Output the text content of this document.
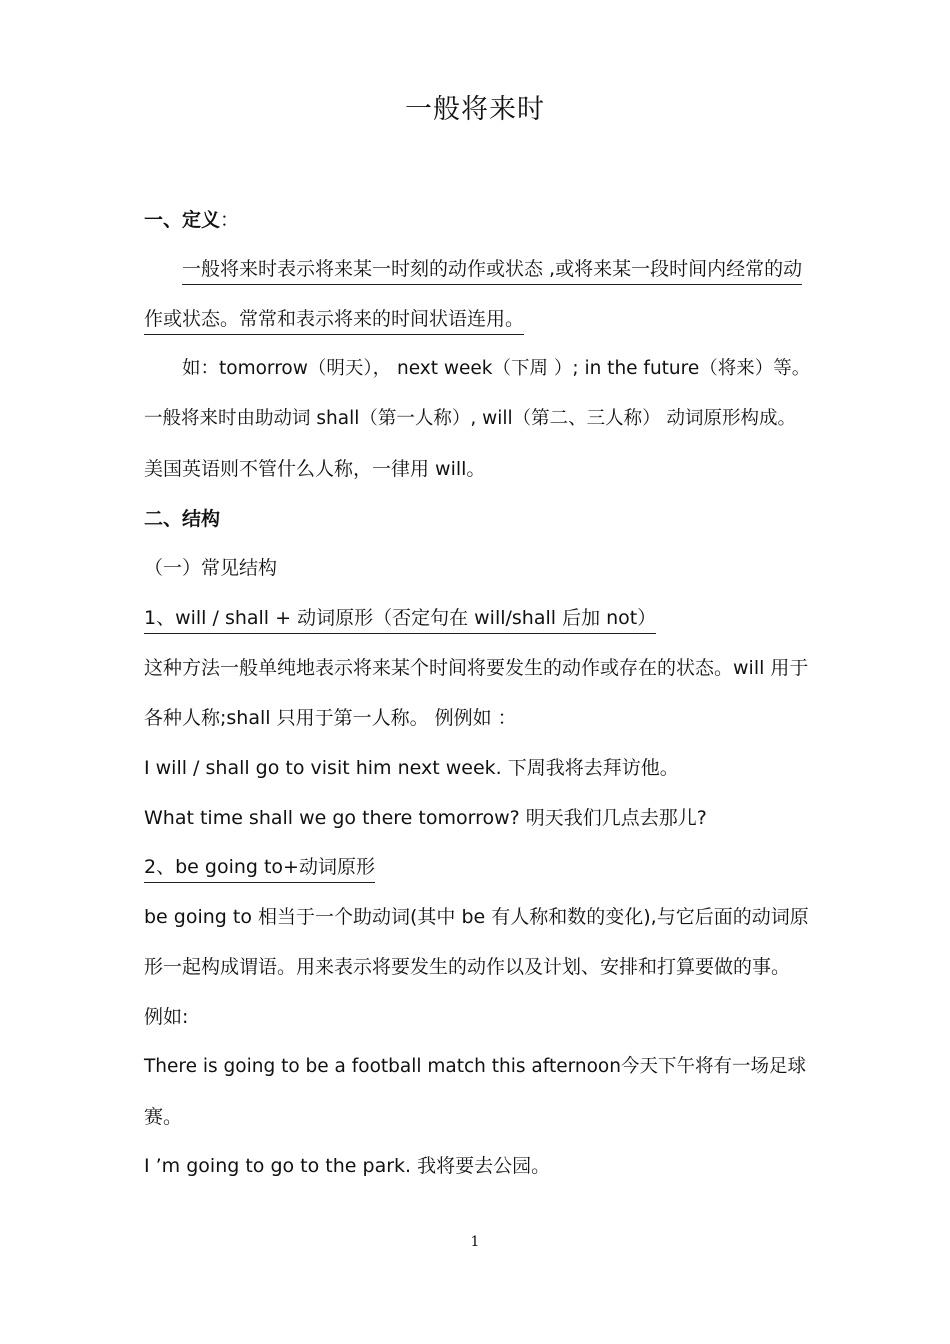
一般将来时
一、定义：
一般将来时表示将来某一时刻的动作或状态 ,或将来某一段时间内经常的动
作或状态。常常和表示将来的时间状语连用。
如：tomorrow（明天）， next week（下周 ）; in the future（将来）等。
一般将来时由助动词 shall（第一人称）, will（第二、三人称） 动词原形构成。
美国英语则不管什么人称，一律用 will。
二、结构
（一）常见结构
1、will / shall + 动词原形（否定句在 will/shall 后加 not）
这种方法一般单纯地表示将来某个时间将要发生的动作或存在的状态。will 用于
各种人称;shall 只用于第一人称。 例例如 ：
I will / shall go to visit him next week. 下周我将去拜访他。
What time shall we go there tomorrow? 明天我们几点去那儿?
2、be going to+动词原形
be going to 相当于一个助动词(其中 be 有人称和数的变化),与它后面的动词原
形一起构成谓语。用来表示将要发生的动作以及计划、安排和打算要做的事。
例如:
There is going to be a football match this afternoon今天下午将有一场足球
赛。
I ’m going to go to the park. 我将要去公园。
1
